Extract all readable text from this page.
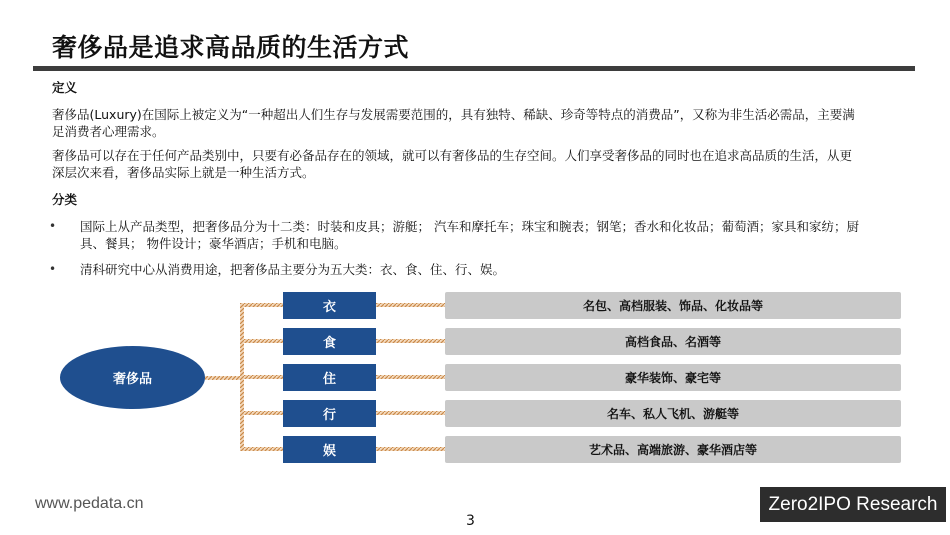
奢侈品是追求高品质的生活方式
定义
奢侈品(Luxury)在国际上被定义为“一种超出人们生存与发展需要范围的，具有独特、稀缺、珍奇等特点的消费品”，又称为非生活必需品，主要满
足消费者心理需求。
奢侈品可以存在于任何产品类别中，只要有必备品存在的领域，就可以有奢侈品的生存空间。人们享受奢侈品的同时也在追求高品质的生活，从更
深层次来看，奢侈品实际上就是一种生活方式。
分类
• 国际上从产品类型，把奢侈品分为十二类：时装和皮具；游艇； 汽车和摩托车；珠宝和腕表；钢笔；香水和化妆品；葡萄酒；家具和家纺；厨
具、餐具； 物件设计；豪华酒店；手机和电脑。
• 清科研究中心从消费用途，把奢侈品主要分为五大类：衣、食、住、行、娱。
奢侈品
衣
食
住
行
娱
名包、高档服装、饰品、化妆品等
高档食品、名酒等
豪华装饰、豪宅等
名车、私人飞机、游艇等
艺术品、高端旅游、豪华酒店等
www.pedata.cn
3
Zero2IPO Research
